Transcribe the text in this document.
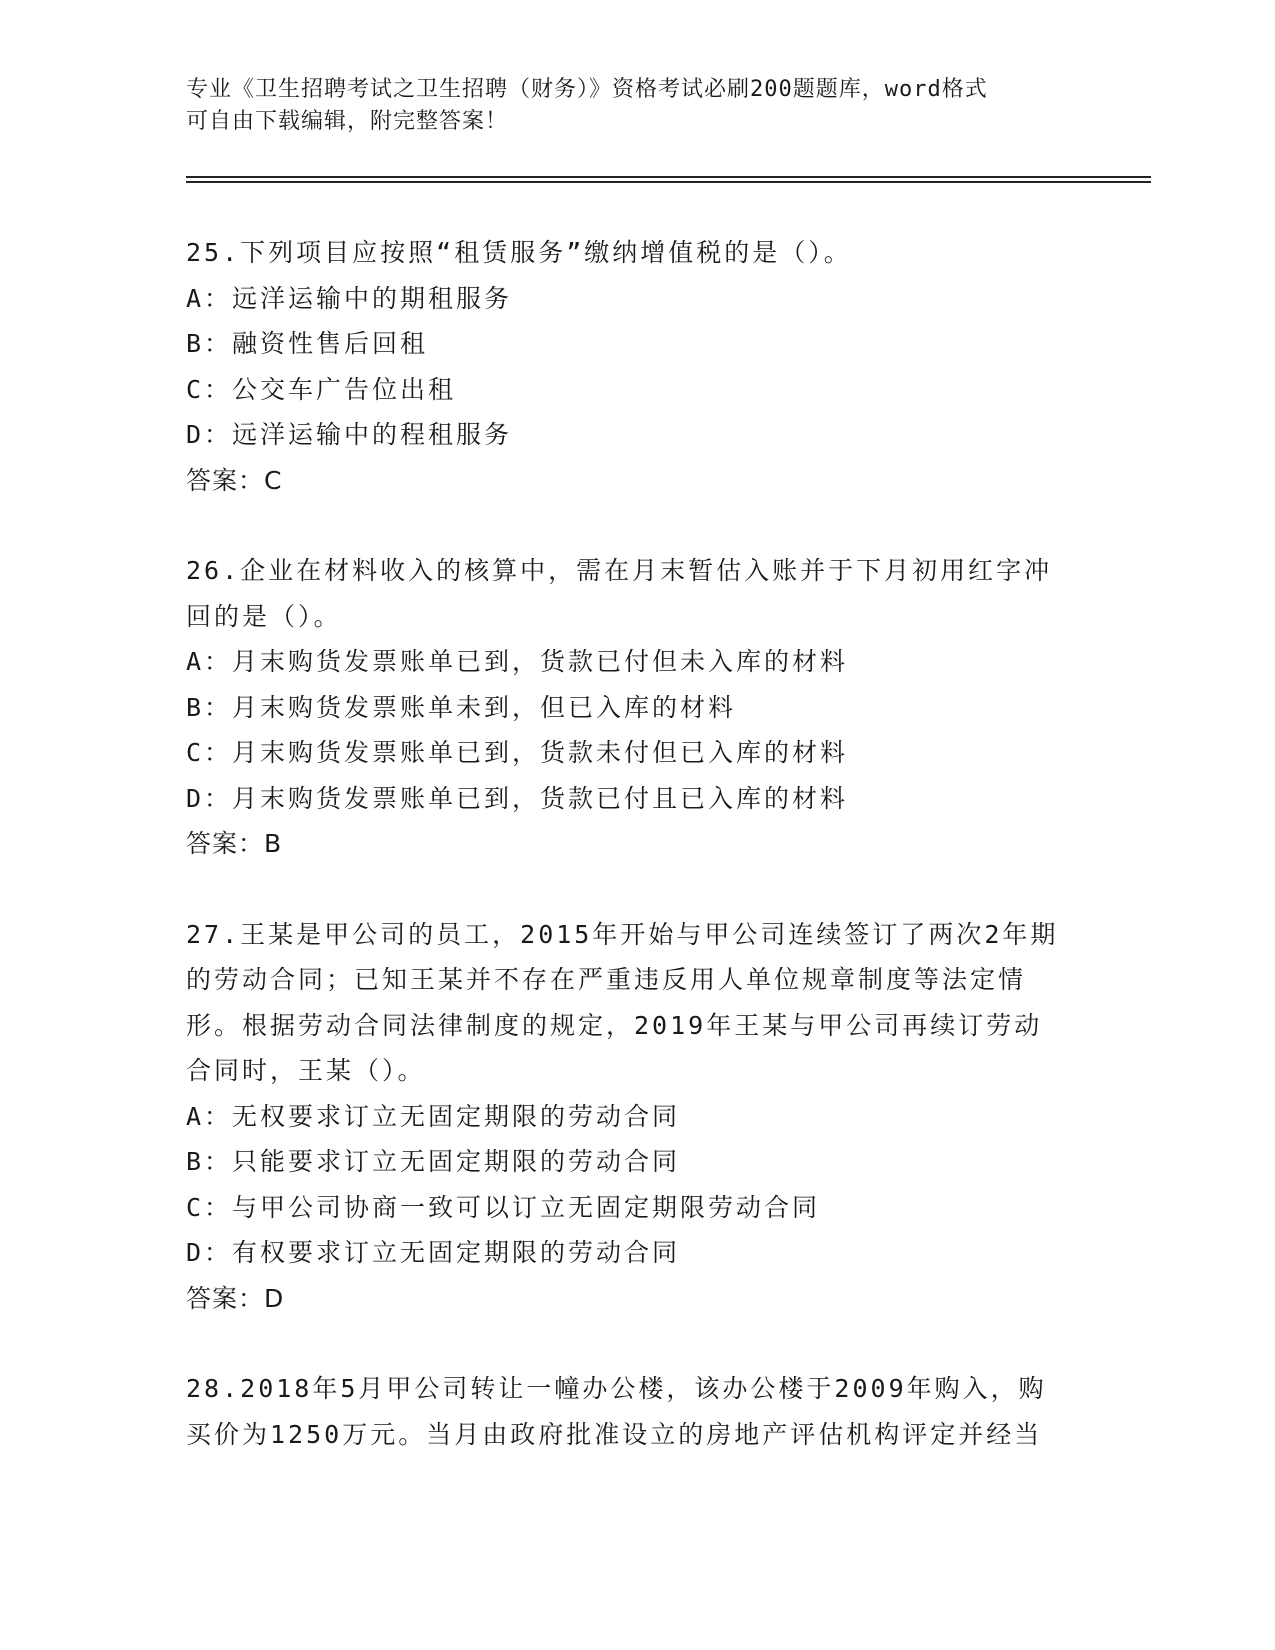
专业《卫生招聘考试之卫生招聘（财务）》资格考试必刷200题题库，word格式
可自由下载编辑，附完整答案！
25.下列项目应按照“租赁服务”缴纳增值税的是（）。
A：远洋运输中的期租服务
B：融资性售后回租
C：公交车广告位出租
D：远洋运输中的程租服务
答案：C
26.企业在材料收入的核算中，需在月末暂估入账并于下月初用红字冲
回的是（）。
A：月末购货发票账单已到，货款已付但未入库的材料
B：月末购货发票账单未到，但已入库的材料
C：月末购货发票账单已到，货款未付但已入库的材料
D：月末购货发票账单已到，货款已付且已入库的材料
答案：B
27.王某是甲公司的员工，2015年开始与甲公司连续签订了两次2年期
的劳动合同；已知王某并不存在严重违反用人单位规章制度等法定情
形。根据劳动合同法律制度的规定，2019年王某与甲公司再续订劳动
合同时，王某（）。
A：无权要求订立无固定期限的劳动合同
B：只能要求订立无固定期限的劳动合同
C：与甲公司协商一致可以订立无固定期限劳动合同
D：有权要求订立无固定期限的劳动合同
答案：D
28.2018年5月甲公司转让一幢办公楼，该办公楼于2009年购入，购
买价为1250万元。当月由政府批准设立的房地产评估机构评定并经当
